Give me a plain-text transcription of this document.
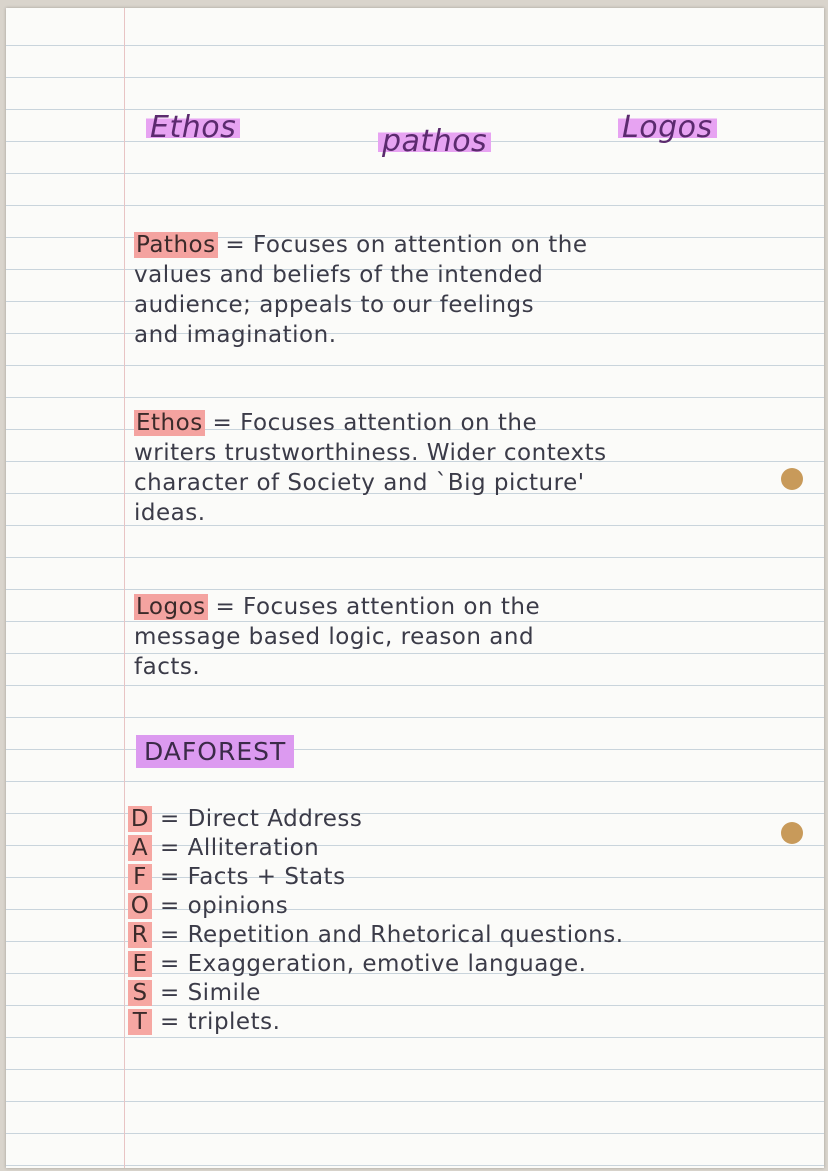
Ethos	pathos	Logos
Pathos = Focuses on attention on the
values and beliefs of the intended
audience; appeals to our feelings
and imagination.
Ethos = Focuses attention on the
writers trustworthiness. Wider contexts
character of Society and `Big picture'
ideas.
Logos = Focuses attention on the
message based logic, reason and
facts.
DAFOREST
D = Direct Address
A = Alliteration
F = Facts + Stats
O = opinions
R = Repetition and Rhetorical questions.
E = Exaggeration, emotive language.
S = Simile
T = triplets.
